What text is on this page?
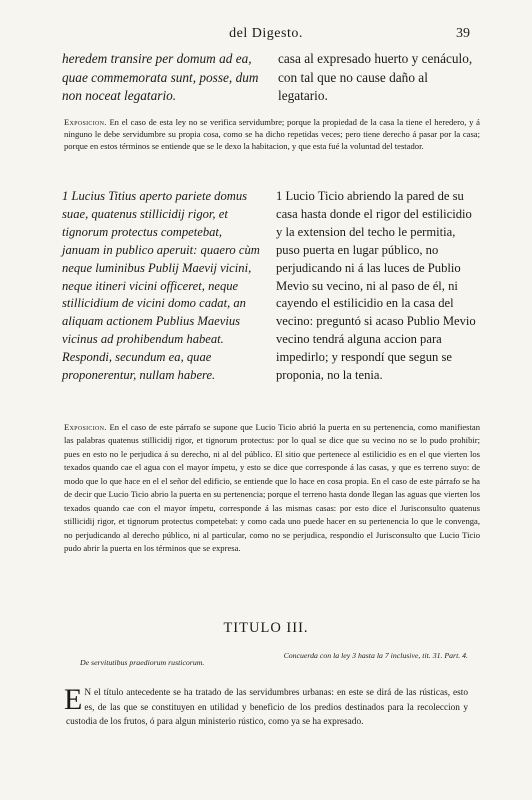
del Digesto.	39

heredem transire per domum ad ea, quae commemorata sunt, posse, dum non noceat legatario.

casa al expresado huerto y cenáculo, con tal que no cause daño al legatario.

Exposicion. En el caso de esta ley no se verifica servidumbre; porque la propiedad de la casa la tiene el heredero, y á ninguno le debe servidumbre su propia cosa, como se ha dicho repetidas veces; pero tiene derecho á pasar por la casa; porque en estos términos se entiende que se le dexo la habitacion, y que esta fué la voluntad del testador.

1 Lucius Titius aperto pariete domus suae, quatenus stillicidij rigor, et tignorum protectus competebat, januam in publico aperuit: quaero cùm neque luminibus Publij Maevij vicini, neque itineri vicini officeret, neque stillicidium de vicini domo cadat, an aliquam actionem Publius Maevius vicinus ad prohibendum habeat. Respondi, secundum ea, quae proponerentur, nullam habere.

1 Lucio Ticio abriendo la pared de su casa hasta donde el rigor del estilicidio y la extension del techo le permitia, puso puerta en lugar público, no perjudicando ni á las luces de Publio Mevio su vecino, ni al paso de él, ni cayendo el estilicidio en la casa del vecino: preguntó si acaso Publio Mevio vecino tendrá alguna accion para impedirlo; y respondí que segun se proponia, no la tenia.

Exposicion. En el caso de este párrafo se supone que Lucio Ticio abrió la puerta en su pertenencia, como manifiestan las palabras quatenus stillicidij rigor, et tignorum protectus: por lo qual se dice que su vecino no se lo pudo prohibir; pues en esto no le perjudica á su derecho, ni al del público. El sitio que pertenece al estilicidio es en el que vierten los texados quando cae el agua con el mayor ímpetu, y esto se dice que corresponde á las casas, y que es terreno suyo: de modo que lo que hace en el el señor del edificio, se entiende que lo hace en cosa propia. En el caso de este párrafo se ha de decir que Lucio Ticio abrio la puerta en su pertenencia; porque el terreno hasta donde llegan las aguas que vierten los texados quando cae con el mayor ímpetu, corresponde á las mismas casas: por esto dice el Jurisconsulto quatenus stillicidij rigor, et tignorum protectus competebat: y como cada uno puede hacer en su pertenencia lo que le convenga, no perjudicando al derecho público, ni al particular, como no se perjudica, respondio el Jurisconsulto que Lucio Ticio pudo abrir la puerta en los términos que se expresa.

TITULO III.
De servitutibus praediorum rusticorum.

Concuerda con la ley 3 hasta la 7 inclusive, tit. 31. Part. 4.

E N el título antecedente se ha tratado de las servidumbres urbanas: en este se dirá de las rústicas, esto es, de las que se constituyen en utilidad y beneficio de los predios destinados para la recoleccion y custodia de los frutos, ó para algun ministerio rústico, como ya se ha expresado.
